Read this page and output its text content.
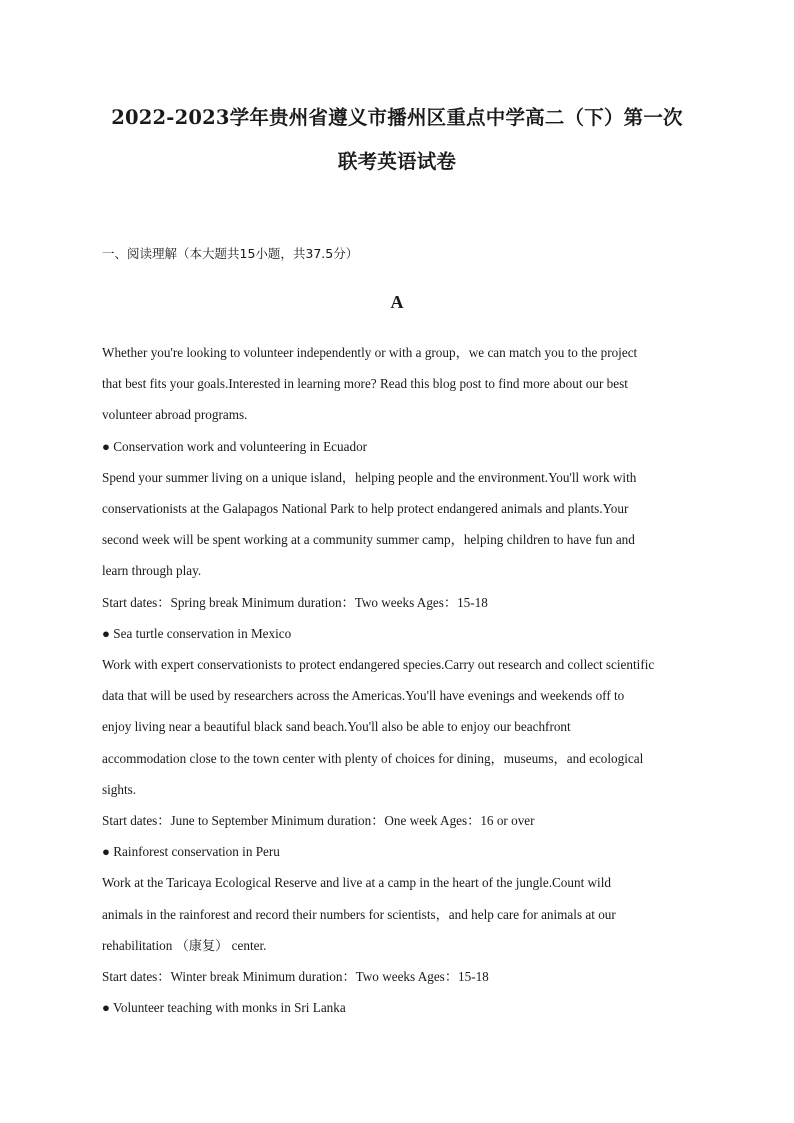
2022-2023学年贵州省遵义市播州区重点中学高二（下）第一次
联考英语试卷

一、阅读理解（本大题共15小题，共37.5分）

A

Whether you're looking to volunteer independently or with a group，we can match you to the project
that best fits your goals.Interested in learning more? Read this blog post to find more about our best
volunteer abroad programs.
● Conservation work and volunteering in Ecuador
Spend your summer living on a unique island，helping people and the environment.You'll work with
conservationists at the Galapagos National Park to help protect endangered animals and plants.Your
second week will be spent working at a community summer camp，helping children to have fun and
learn through play.
Start dates：Spring break Minimum duration：Two weeks Ages：15-18
● Sea turtle conservation in Mexico
Work with expert conservationists to protect endangered species.Carry out research and collect scientific
data that will be used by researchers across the Americas.You'll have evenings and weekends off to
enjoy living near a beautiful black sand beach.You'll also be able to enjoy our beachfront
accommodation close to the town center with plenty of choices for dining，museums，and ecological
sights.
Start dates：June to September Minimum duration：One week Ages：16 or over
● Rainforest conservation in Peru
Work at the Taricaya Ecological Reserve and live at a camp in the heart of the jungle.Count wild
animals in the rainforest and record their numbers for scientists，and help care for animals at our
rehabilitation （康复） center.
Start dates：Winter break Minimum duration：Two weeks Ages：15-18
● Volunteer teaching with monks in Sri Lanka
